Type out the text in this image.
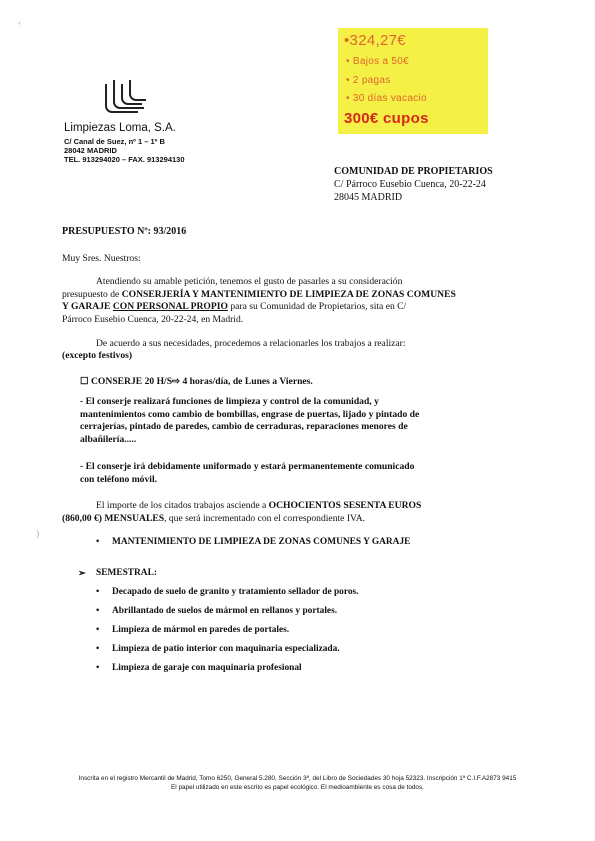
'
Limpiezas Loma, S.A.
C/ Canal de Suez, nº 1 – 1º B
28042 MADRID
TEL. 913294020 – FAX. 913294130
•324,27€
• Bajos a 50€
• 2 pagas
• 30 días vacacio
300€ cupos
COMUNIDAD DE PROPIETARIOS
C/ Párroco Eusebio Cuenca, 20-22-24
28045 MADRID
PRESUPUESTO Nº: 93/2016
Muy Sres. Nuestros:
Atendiendo su amable petición, tenemos el gusto de pasarles a su consideración
presupuesto de CONSERJERÍA Y MANTENIMIENTO DE LIMPIEZA DE ZONAS COMUNES
Y GARAJE CON PERSONAL PROPIO para su Comunidad de Propietarios, sita en C/
Párroco Eusebio Cuenca, 20-22-24, en Madrid.
De acuerdo a sus necesidades, procedemos a relacionarles los trabajos a realizar:
(excepto festivos)
☐ CONSERJE 20 H/S⇨ 4 horas/día, de Lunes a Viernes.
- El conserje realizará funciones de limpieza y control de la comunidad, y
mantenimientos como cambio de bombillas, engrase de puertas, lijado y pintado de
cerrajerías, pintado de paredes, cambio de cerraduras, reparaciones menores de
albañilería.....
- El conserje irá debidamente uniformado y estará permanentemente comunicado
con teléfono móvil.
El importe de los citados trabajos asciende a OCHOCIENTOS SESENTA EUROS
(860,00 €) MENSUALES, que será incrementado con el correspondiente IVA.
• MANTENIMIENTO DE LIMPIEZA DE ZONAS COMUNES Y GARAJE
➢ SEMESTRAL:
• Decapado de suelo de granito y tratamiento sellador de poros.
• Abrillantado de suelos de mármol en rellanos y portales.
• Limpieza de mármol en paredes de portales.
• Limpieza de patio interior con maquinaria especializada.
• Limpieza de garaje con maquinaria profesional
)
Inscrita en el registro Mercantil de Madrid, Tomo 6250, General 5.280, Sección 3ª, del Libro de Sociedades 30 hoja 52323. Inscripción 1ª C.I.F.A2873 9415
El papel utilizado en este escrito es papel ecológico. El medioambiente es cosa de todos.
